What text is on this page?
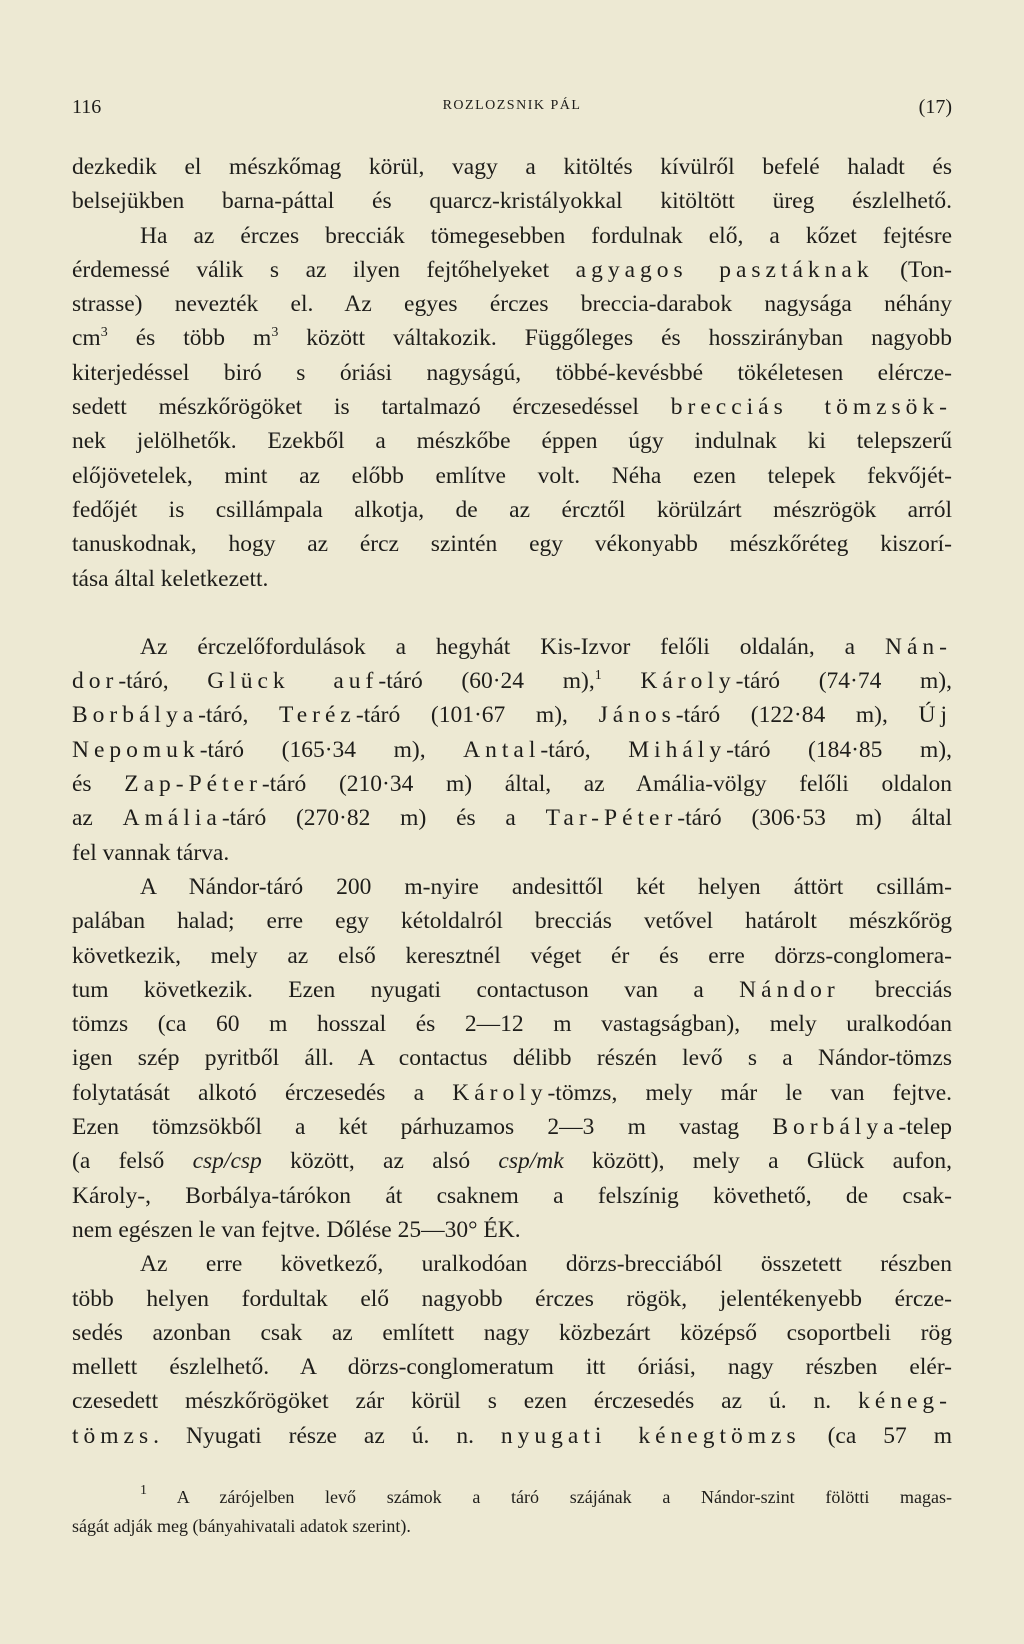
116	ROZLOZSNIK PÁL	(17)
dezkedik el mészkőmag körül, vagy a kitöltés kívülről befelé haladt és
belsejükben barna-páttal és quarcz-kristályokkal kitöltött üreg észlelhető.
Ha az érczes brecciák tömegesebben fordulnak elő, a kőzet fejtésre
érdemessé válik s az ilyen fejtőhelyeket agyagos pasztáknak (Ton-
strasse) nevezték el. Az egyes érczes breccia-darabok nagysága néhány
$cm^3$ és több $m^3$ között váltakozik. Függőleges és hosszirányban nagyobb
kiterjedéssel biró s óriási nagyságú, többé-kevésbbé tökéletesen elércze-
sedett mészkőrögöket is tartalmazó érczesedéssel brecciás tömzsök-
nek jelölhetők. Ezekből a mészkőbe éppen úgy indulnak ki telepszerű
előjövetelek, mint az előbb említve volt. Néha ezen telepek fekvőjét-
fedőjét is csillámpala alkotja, de az ércztől körülzárt mészrögök arról
tanuskodnak, hogy az ércz szintén egy vékonyabb mészkőréteg kiszorí-
tása által keletkezett.
Az érczelőfordulások a hegyhát Kis-Izvor felőli oldalán, a Nán-
dor-táró, Glück auf-táró (60·24 m),$^1$ Károly-táró (74·74 m),
Borbálya-táró, Teréz-táró (101·67 m), János-táró (122·84 m), Új
Nepomuk-táró (165·34 m), Antal-táró, Mihály-táró (184·85 m),
és Zap-Péter-táró (210·34 m) által, az Amália-völgy felőli oldalon
az Amália-táró (270·82 m) és a Tar-Péter-táró (306·53 m) által
fel vannak tárva.
A Nándor-táró 200 m-nyire andesittől két helyen áttört csillám-
palában halad; erre egy kétoldalról brecciás vetővel határolt mészkőrög
következik, mely az első keresztnél véget ér és erre dörzs-conglomera-
tum következik. Ezen nyugati contactuson van a Nándor brecciás
tömzs (ca 60 m hosszal és 2—12 m vastagságban), mely uralkodóan
igen szép pyritből áll. A contactus délibb részén levő s a Nándor-tömzs
folytatását alkotó érczesedés a Károly-tömzs, mely már le van fejtve.
Ezen tömzsökből a két párhuzamos 2—3 m vastag Borbálya-telep
(a felső csp/csp között, az alsó csp/mk között), mely a Glück aufon,
Károly-, Borbálya-tárókon át csaknem a felszínig követhető, de csak-
nem egészen le van fejtve. Dőlése 25—30° ÉK.
Az erre következő, uralkodóan dörzs-brecciából összetett részben
több helyen fordultak elő nagyobb érczes rögök, jelentékenyebb ércze-
sedés azonban csak az említett nagy közbezárt középső csoportbeli rög
mellett észlelhető. A dörzs-conglomeratum itt óriási, nagy részben elér-
czesedett mészkőrögöket zár körül s ezen érczesedés az ú. n. kéneg-
tömzs. Nyugati része az ú. n. nyugati kénegtömzs (ca 57 m
$^1$ A zárójelben levő számok a táró szájának a Nándor-szint fölötti magas-
ságát adják meg (bányahivatali adatok szerint).
